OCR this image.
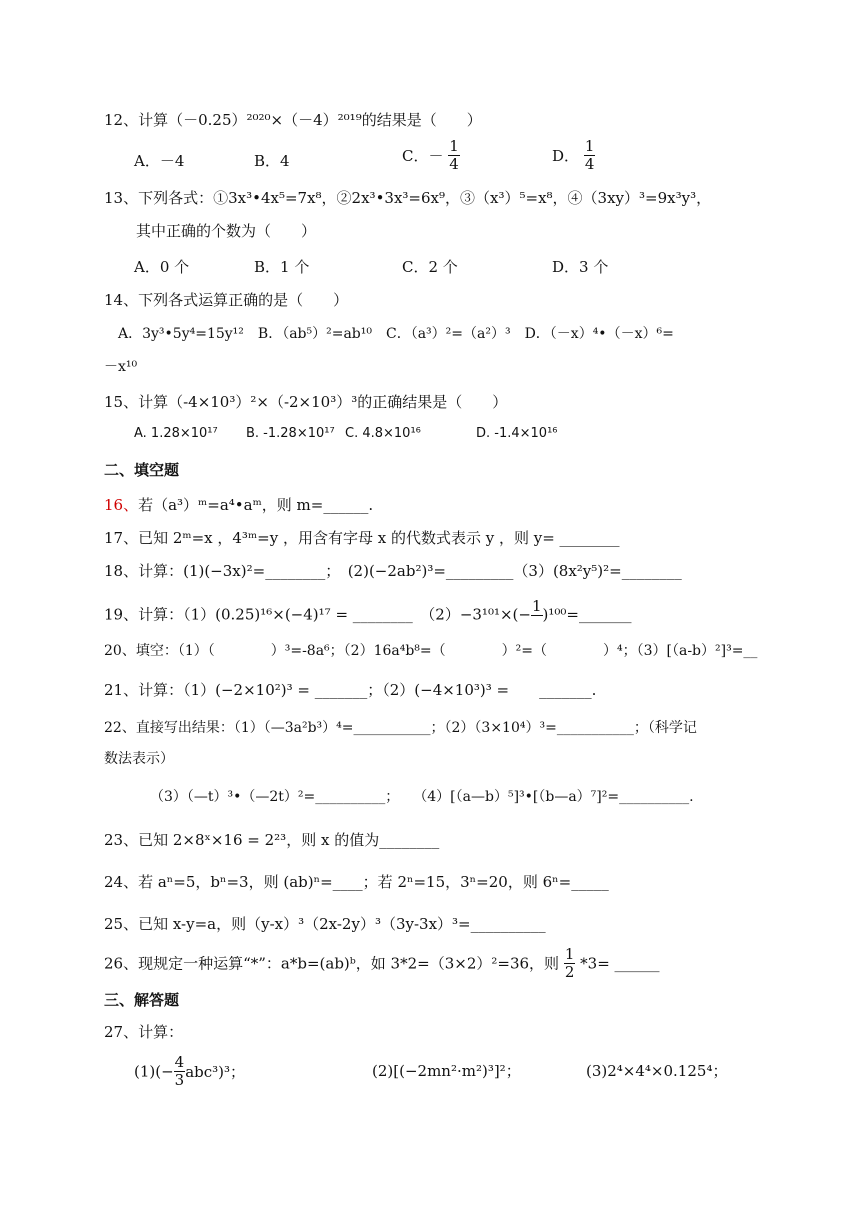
12、计算（－0.25）²⁰²⁰×（－4）²⁰¹⁹的结果是（　　）
A．－4	B．4	C．－ $\frac{1}{4}$	D． $\frac{1}{4}$
13、下列各式：①3x³•4x⁵=7x⁸，②2x³•3x³=6x⁹，③（x³）⁵=x⁸，④（3xy）³=9x³y³，
其中正确的个数为（　　）
A．0 个	B．1 个	C．2 个	D．3 个
14、下列各式运算正确的是（　　）
A．3y³•5y⁴=15y¹²　B．（ab⁵）²=ab¹⁰　C．（a³）²=（a²）³　D．（－x）⁴•（－x）⁶=
－x¹⁰
15、计算（-4×10³）²×（-2×10³）³的正确结果是（　　）
A. 1.28×10¹⁷ B. -1.28×10¹⁷ C. 4.8×10¹⁶	D. -1.4×10¹⁶
二、填空题
16、若（a³）ᵐ=a⁴•aᵐ，则 m=______.
17、已知 2ᵐ=x ，4³ᵐ=y ，用含有字母 x 的代数式表示 y ，则 y= ________
18、计算：(1)(−3x)²=________；　(2)(−2ab²)³=_________（3）(8x²y⁵)²=________
19、计算：（1）(0.25)¹⁶×(−4)¹⁷ = ________　（2）−3¹⁰¹×(− 1 )¹⁰⁰=_______
20、填空：（1）（　　　　）³=-8a⁶；（2）16a⁴b⁸=（　　　　）²=（　　　　）⁴；（3）[（a-b）²]³=__
21、计算：（1）(−2×10²)³ = _______；（2）(−4×10³)³ =　　_______.
22、直接写出结果：（1）（—3a²b³）⁴=___________；（2）（3×10⁴）³=___________；（科学记
数法表示）
（3）（—t）³•（—2t）²=__________；　　（4）[（a—b）⁵]³•[（b—a）⁷]²=__________.
23、已知 2×8ˣ×16 = 2²³，则 x 的值为________
24、若 aⁿ=5，bⁿ=3，则 (ab)ⁿ=____；若 2ⁿ=15，3ⁿ=20，则 6ⁿ=_____
25、已知 x-y=a，则（y-x）³（2x-2y）³（3y-3x）³=__________
26、现规定一种运算“*”：a*b=(ab)ᵇ，如 3*2=（3×2）²=36，则 $\frac{1}{2} *3=$ ______
三、解答题
27、计算：
$(1)(- \frac{4}{3} abc^3)^3$；	(2)[(−2mn²·m²)³]²；	(3)2⁴×4⁴×0.125⁴；
